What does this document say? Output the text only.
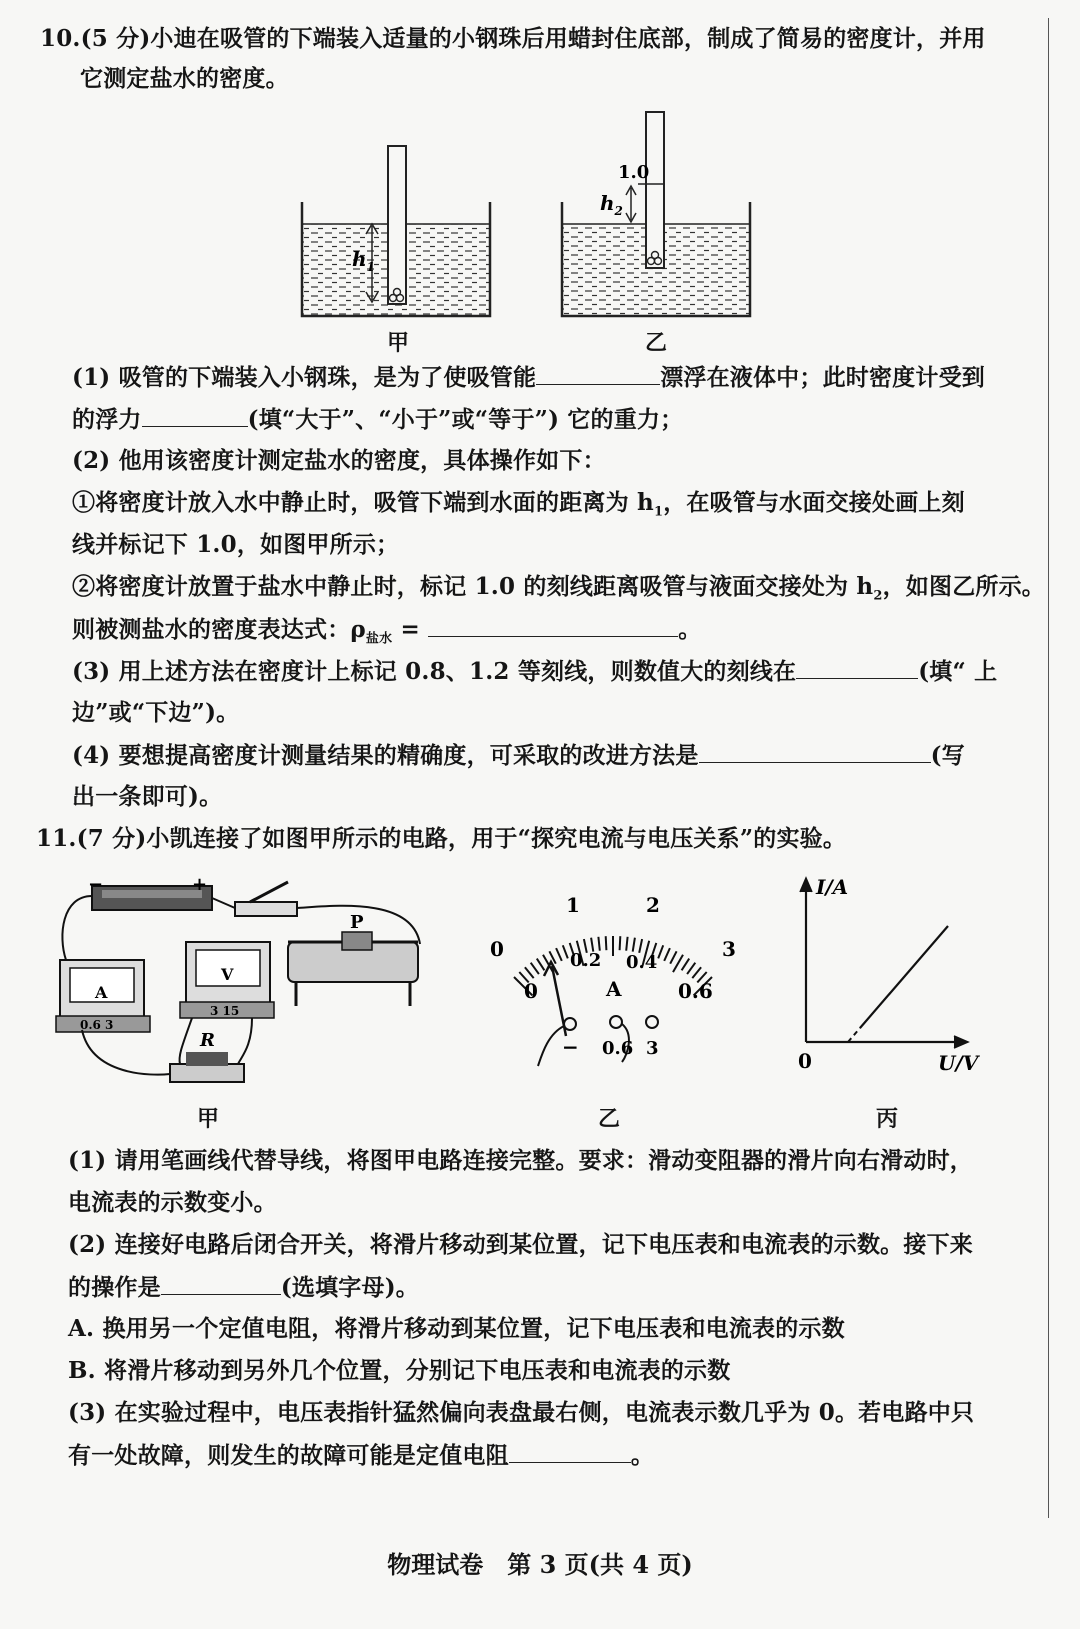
10.(5 分)小迪在吸管的下端装入适量的小钢珠后用蜡封住底部，制成了简易的密度计，并用
它测定盐水的密度。
$h_1$
甲
1.0
$h_2$
乙
(1) 吸管的下端装入小钢珠，是为了使吸管能	漂浮在液体中；此时密度计受到
的浮力	(填“大于”、“小于”或“等于”) 它的重力；
(2) 他用该密度计测定盐水的密度，具体操作如下：
①将密度计放入水中静止时，吸管下端到水面的距离为 $h_1$，在吸管与水面交接处画上刻
线并标记下 1.0，如图甲所示；
②将密度计放置于盐水中静止时，标记 1.0 的刻线距离吸管与液面交接处为 $h_2$，如图乙所示。
则被测盐水的密度表达式：$\rho_{盐水}$ =	。
(3) 用上述方法在密度计上标记 0.8、1.2 等刻线，则数值大的刻线在	(填“ 上
边”或“下边”)。
(4) 要想提高密度计测量结果的精确度，可采取的改进方法是	(写
出一条即可)。
11.(7 分)小凯连接了如图甲所示的电路，用于“探究电流与电压关系”的实验。
−	+
P
A
0.6 3
V
3 15
R
甲
0
1	2
3
0
0.2 0.4
0.6
A
− 0.6 3
乙
I/A
U/V
0
丙
(1) 请用笔画线代替导线，将图甲电路连接完整。要求：滑动变阻器的滑片向右滑动时，
电流表的示数变小。
(2) 连接好电路后闭合开关，将滑片移动到某位置，记下电压表和电流表的示数。接下来
的操作是	(选填字母)。
A. 换用另一个定值电阻，将滑片移动到某位置，记下电压表和电流表的示数
B. 将滑片移动到另外几个位置，分别记下电压表和电流表的示数
(3) 在实验过程中，电压表指针猛然偏向表盘最右侧，电流表示数几乎为 0。若电路中只
有一处故障，则发生的故障可能是定值电阻	。
物理试卷　第 3 页(共 4 页)
